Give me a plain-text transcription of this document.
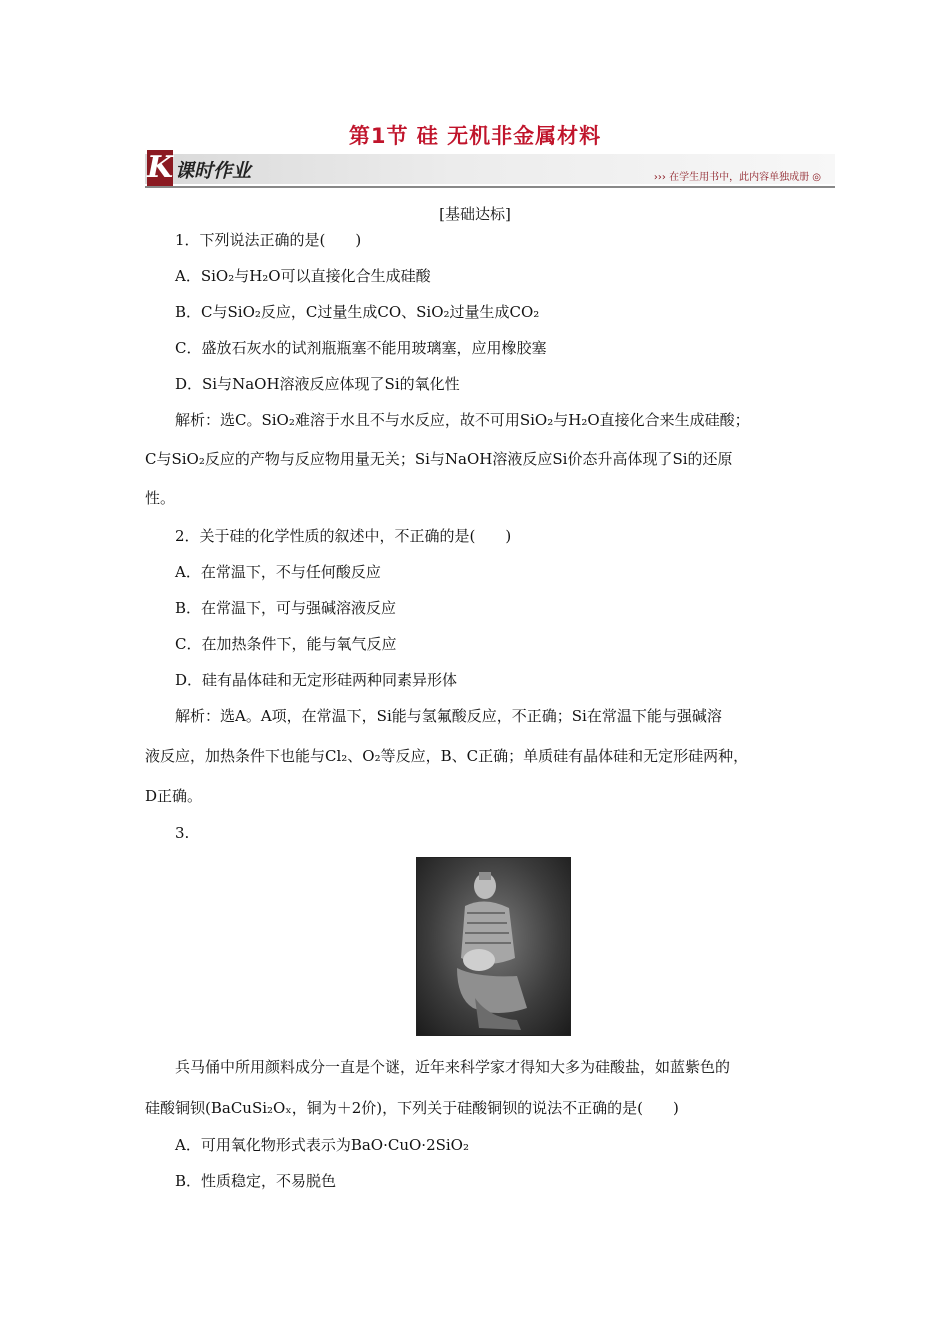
第1节 硅 无机非金属材料
K 课时作业	››› 在学生用书中，此内容单独成册 ◎
[基础达标]
1．下列说法正确的是(　　)
A．SiO₂与H₂O可以直接化合生成硅酸
B．C与SiO₂反应，C过量生成CO、SiO₂过量生成CO₂
C．盛放石灰水的试剂瓶瓶塞不能用玻璃塞，应用橡胶塞
D．Si与NaOH溶液反应体现了Si的氧化性
解析：选C。SiO₂难溶于水且不与水反应，故不可用SiO₂与H₂O直接化合来生成硅酸；
C与SiO₂反应的产物与反应物用量无关；Si与NaOH溶液反应Si价态升高体现了Si的还原
性。
2．关于硅的化学性质的叙述中，不正确的是(　　)
A．在常温下，不与任何酸反应
B．在常温下，可与强碱溶液反应
C．在加热条件下，能与氧气反应
D．硅有晶体硅和无定形硅两种同素异形体
解析：选A。A项，在常温下，Si能与氢氟酸反应，不正确；Si在常温下能与强碱溶
液反应，加热条件下也能与Cl₂、O₂等反应，B、C正确；单质硅有晶体硅和无定形硅两种，
D正确。
3.
兵马俑中所用颜料成分一直是个谜，近年来科学家才得知大多为硅酸盐，如蓝紫色的
硅酸铜钡(BaCuSi₂Oₓ，铜为＋2价)，下列关于硅酸铜钡的说法不正确的是(　　)
A．可用氧化物形式表示为BaO·CuO·2SiO₂
B．性质稳定，不易脱色
